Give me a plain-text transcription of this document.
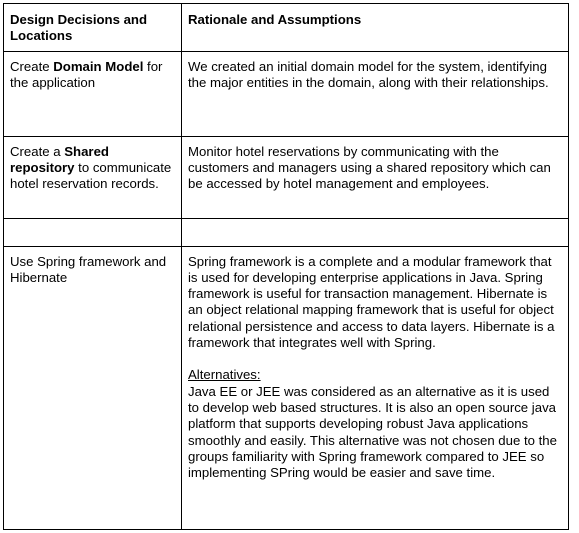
Design Decisions and Locations	Rationale and Assumptions
Create Domain Model for the application	We created an initial domain model for the system, identifying the major entities in the domain, along with their relationships.
Create a Shared repository to communicate hotel reservation records.	Monitor hotel reservations by communicating with the customers and managers using a shared repository which can be accessed by hotel management and employees.

Use Spring framework and Hibernate	Spring framework is a complete and a modular framework that is used for developing enterprise applications in Java. Spring framework is useful for transaction management. Hibernate is an object relational mapping framework that is useful for object relational persistence and access to data layers. Hibernate is a framework that integrates well with Spring.
Alternatives:
Java EE or JEE was considered as an alternative as it is used to develop web based structures. It is also an open source java platform that supports developing robust Java applications smoothly and easily. This alternative was not chosen due to the groups familiarity with Spring framework compared to JEE so implementing SPring would be easier and save time.
